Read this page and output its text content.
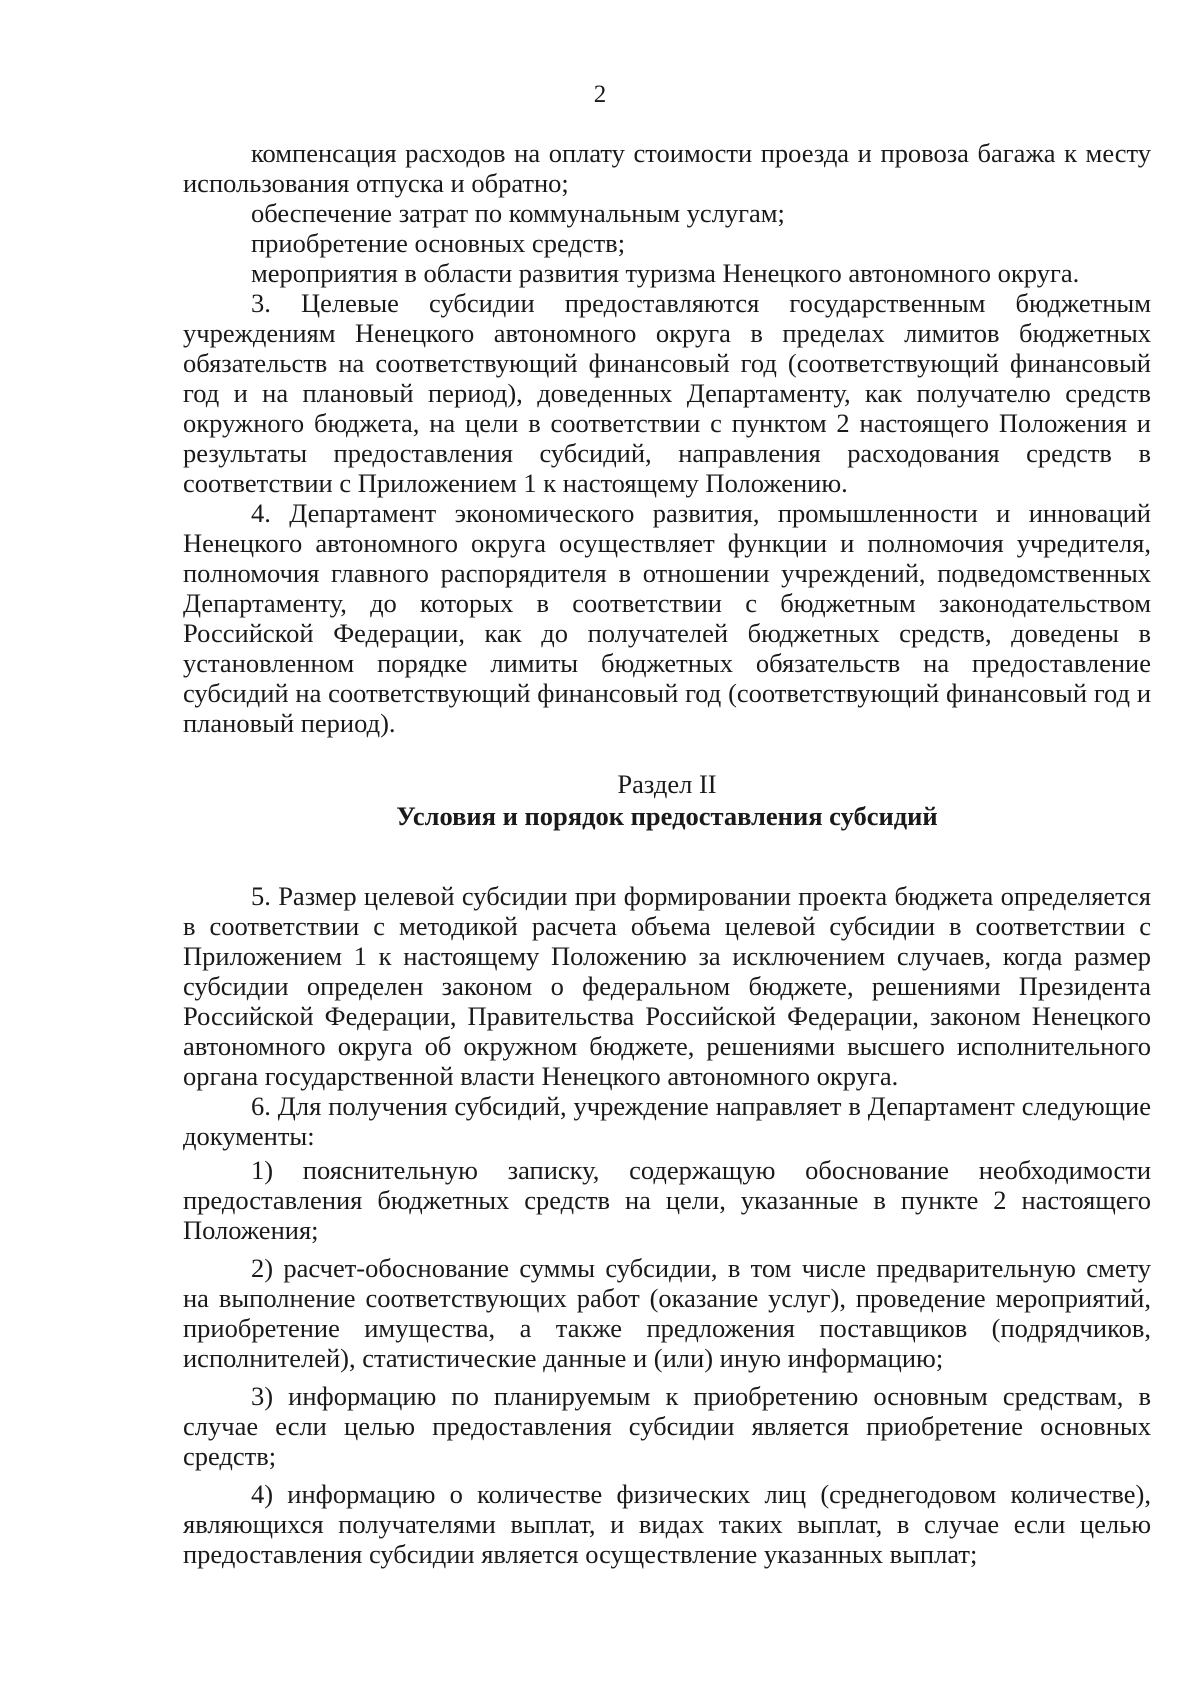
2

компенсация расходов на оплату стоимости проезда и провоза багажа к месту использования отпуска и обратно;

обеспечение затрат по коммунальным услугам;

приобретение основных средств;

мероприятия в области развития туризма Ненецкого автономного округа.

3. Целевые субсидии предоставляются государственным бюджетным учреждениям Ненецкого автономного округа в пределах лимитов бюджетных обязательств на соответствующий финансовый год (соответствующий финансовый год и на плановый период), доведенных Департаменту, как получателю средств окружного бюджета, на цели в соответствии с пунктом 2 настоящего Положения и результаты предоставления субсидий, направления расходования средств в соответствии с Приложением 1 к настоящему Положению.

4. Департамент экономического развития, промышленности и инноваций Ненецкого автономного округа осуществляет функции и полномочия учредителя, полномочия главного распорядителя в отношении учреждений, подведомственных Департаменту, до которых в соответствии с бюджетным законодательством Российской Федерации, как до получателей бюджетных средств, доведены в установленном порядке лимиты бюджетных обязательств на предоставление субсидий на соответствующий финансовый год (соответствующий финансовый год и плановый период).

Раздел II

Условия и порядок предоставления субсидий

5. Размер целевой субсидии при формировании проекта бюджета определяется в соответствии с методикой расчета объема целевой субсидии в соответствии с Приложением 1 к настоящему Положению за исключением случаев, когда размер субсидии определен законом о федеральном бюджете, решениями Президента Российской Федерации, Правительства Российской Федерации, законом Ненецкого автономного округа об окружном бюджете, решениями высшего исполнительного органа государственной власти Ненецкого автономного округа.

6. Для получения субсидий, учреждение направляет в Департамент следующие документы:

1) пояснительную записку, содержащую обоснование необходимости предоставления бюджетных средств на цели, указанные в пункте 2 настоящего Положения;

2) расчет-обоснование суммы субсидии, в том числе предварительную смету на выполнение соответствующих работ (оказание услуг), проведение мероприятий, приобретение имущества, а также предложения поставщиков (подрядчиков, исполнителей), статистические данные и (или) иную информацию;

3) информацию по планируемым к приобретению основным средствам, в случае если целью предоставления субсидии является приобретение основных средств;

4) информацию о количестве физических лиц (среднегодовом количестве), являющихся получателями выплат, и видах таких выплат, в случае если целью предоставления субсидии является осуществление указанных выплат;
